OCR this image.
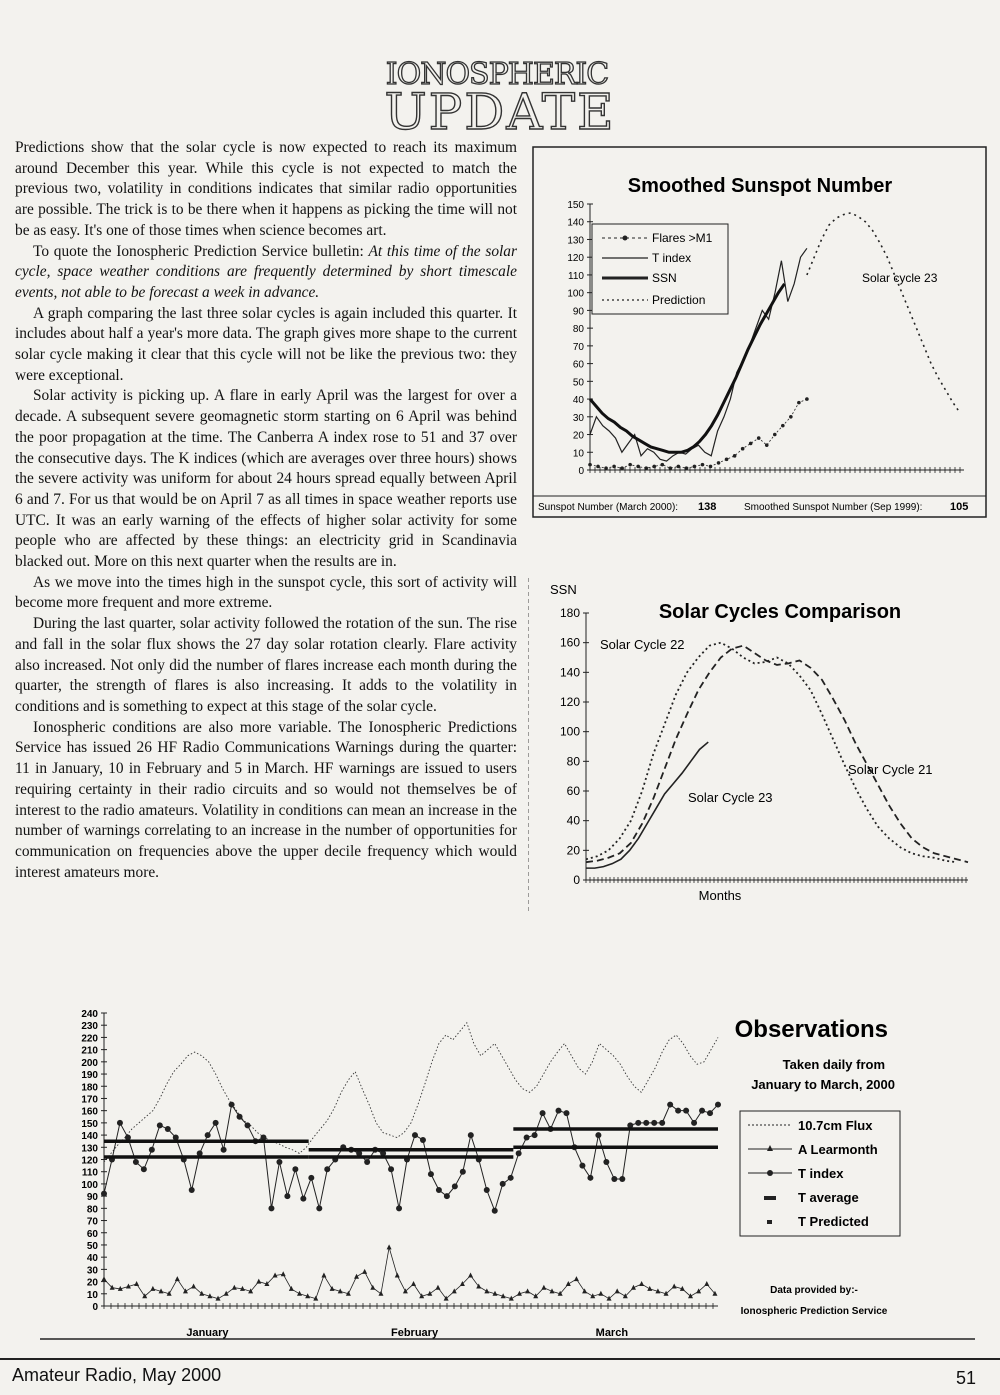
IONOSPHERIC
UPDATE

Predictions show that the solar cycle is now expected to reach its maximum around December this year. While this cycle is not expected to match the previous two, volatility in conditions indicates that similar radio opportunities are possible. The trick is to be there when it happens as picking the time will not be as easy. It's one of those times when science becomes art.

To quote the Ionospheric Prediction Service bulletin: At this time of the solar cycle, space weather conditions are frequently determined by short timescale events, not able to be forecast a week in advance.

A graph comparing the last three solar cycles is again included this quarter. It includes about half a year's more data. The graph gives more shape to the current solar cycle making it clear that this cycle will not be like the previous two: they were exceptional.

Solar activity is picking up. A flare in early April was the largest for over a decade. A subsequent severe geomagnetic storm starting on 6 April was behind the poor propagation at the time. The Canberra A index rose to 51 and 37 over the consecutive days. The K indices (which are averages over three hours) shows the severe activity was uniform for about 24 hours spread equally between April 6 and 7. For us that would be on April 7 as all times in space weather reports use UTC. It was an early warning of the effects of higher solar activity for some people who are affected by these things: an electricity grid in Scandinavia blacked out. More on this next quarter when the results are in.

As we move into the times high in the sunspot cycle, this sort of activity will become more frequent and more extreme.

During the last quarter, solar activity followed the rotation of the sun. The rise and fall in the solar flux shows the 27 day solar rotation clearly. Flare activity also increased. Not only did the number of flares increase each month during the quarter, the strength of flares is also increasing. It adds to the volatility in conditions and is something to expect at this stage of the solar cycle.

Ionospheric conditions are also more variable. The Ionospheric Predictions Service has issued 26 HF Radio Communications Warnings during the quarter: 11 in January, 10 in February and 5 in March. HF warnings are issued to users requiring certainty in their radio circuits and so would not themselves be of interest to the radio amateurs. Volatility in conditions can mean an increase in the number of warnings correlating to an increase in the number of opportunities for communication on frequencies above the upper decile frequency which would interest amateurs more.

Smoothed Sunspot Number
0
10
20
30
40
50
60
70
80
90
100
110
120
130
140
150
Flares >M1
T index
SSN
Prediction
Solar cycle 23
Sunspot Number (March 2000): 138	Smoothed Sunspot Number (Sep 1999):	105
SSN
Solar Cycles Comparison
0
20
40
60
80
100
120
140
160
180
Solar Cycle 22
Solar Cycle 21
Solar Cycle 23
Months
0
10
20
30
40
50
60
70
80
90
100
110
120
130
140
150
160
170
180
190
200
210
220
230
240
January	February	March
Observations
Taken daily from
January to March, 2000
10.7cm Flux
A Learmonth
T index
T average
T Predicted
Data provided by:-
Ionospheric Prediction Service
Amateur Radio, May 2000	51
